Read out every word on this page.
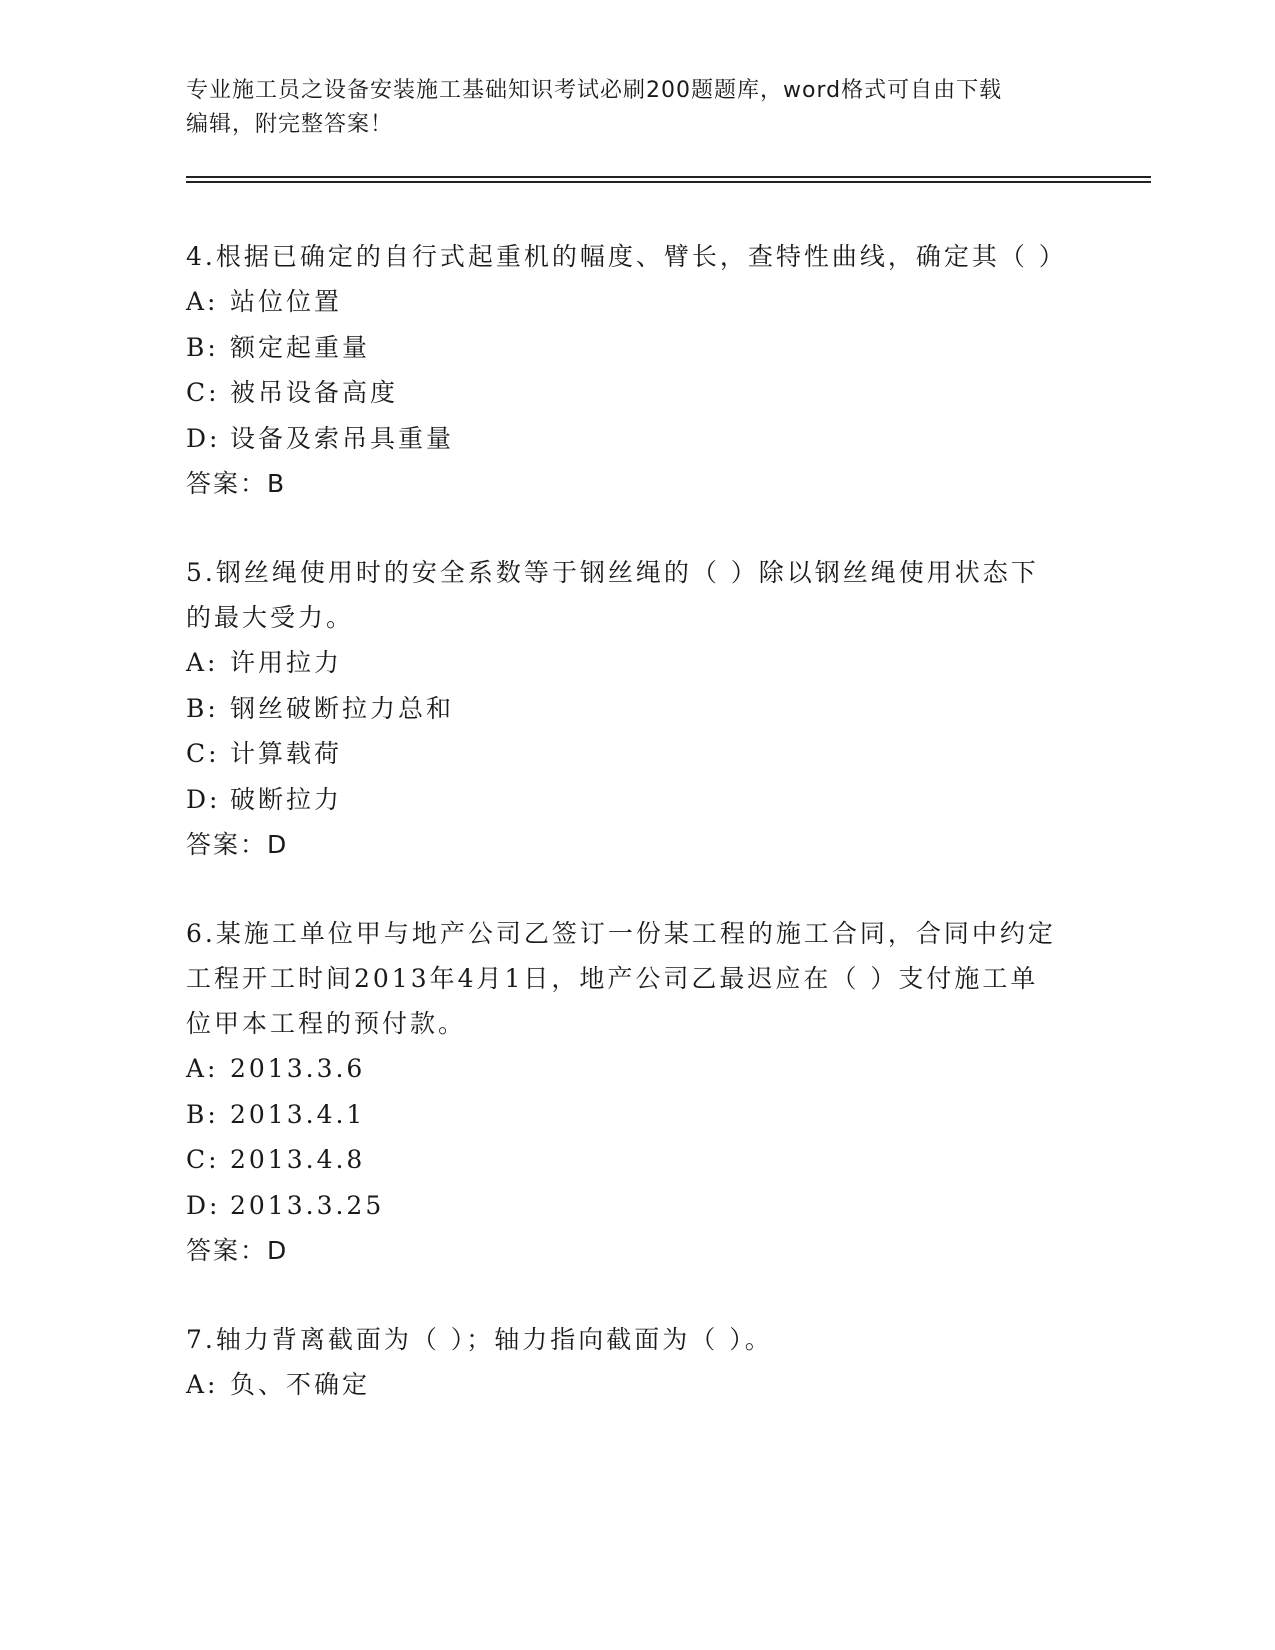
专业施工员之设备安装施工基础知识考试必刷200题题库，word格式可自由下载
编辑，附完整答案！
4.根据已确定的自行式起重机的幅度、臂长，查特性曲线，确定其（ ）
A: 站位位置
B: 额定起重量
C: 被吊设备高度
D: 设备及索吊具重量
答案：B
5.钢丝绳使用时的安全系数等于钢丝绳的（ ）除以钢丝绳使用状态下的最大受力。
A: 许用拉力
B: 钢丝破断拉力总和
C: 计算载荷
D: 破断拉力
答案：D
6.某施工单位甲与地产公司乙签订一份某工程的施工合同，合同中约定工程开工时间2013年4月1日，地产公司乙最迟应在（ ）支付施工单位甲本工程的预付款。
A: 2013.3.6
B: 2013.4.1
C: 2013.4.8
D: 2013.3.25
答案：D
7.轴力背离截面为（ ）；轴力指向截面为（ ）。
A: 负、不确定
